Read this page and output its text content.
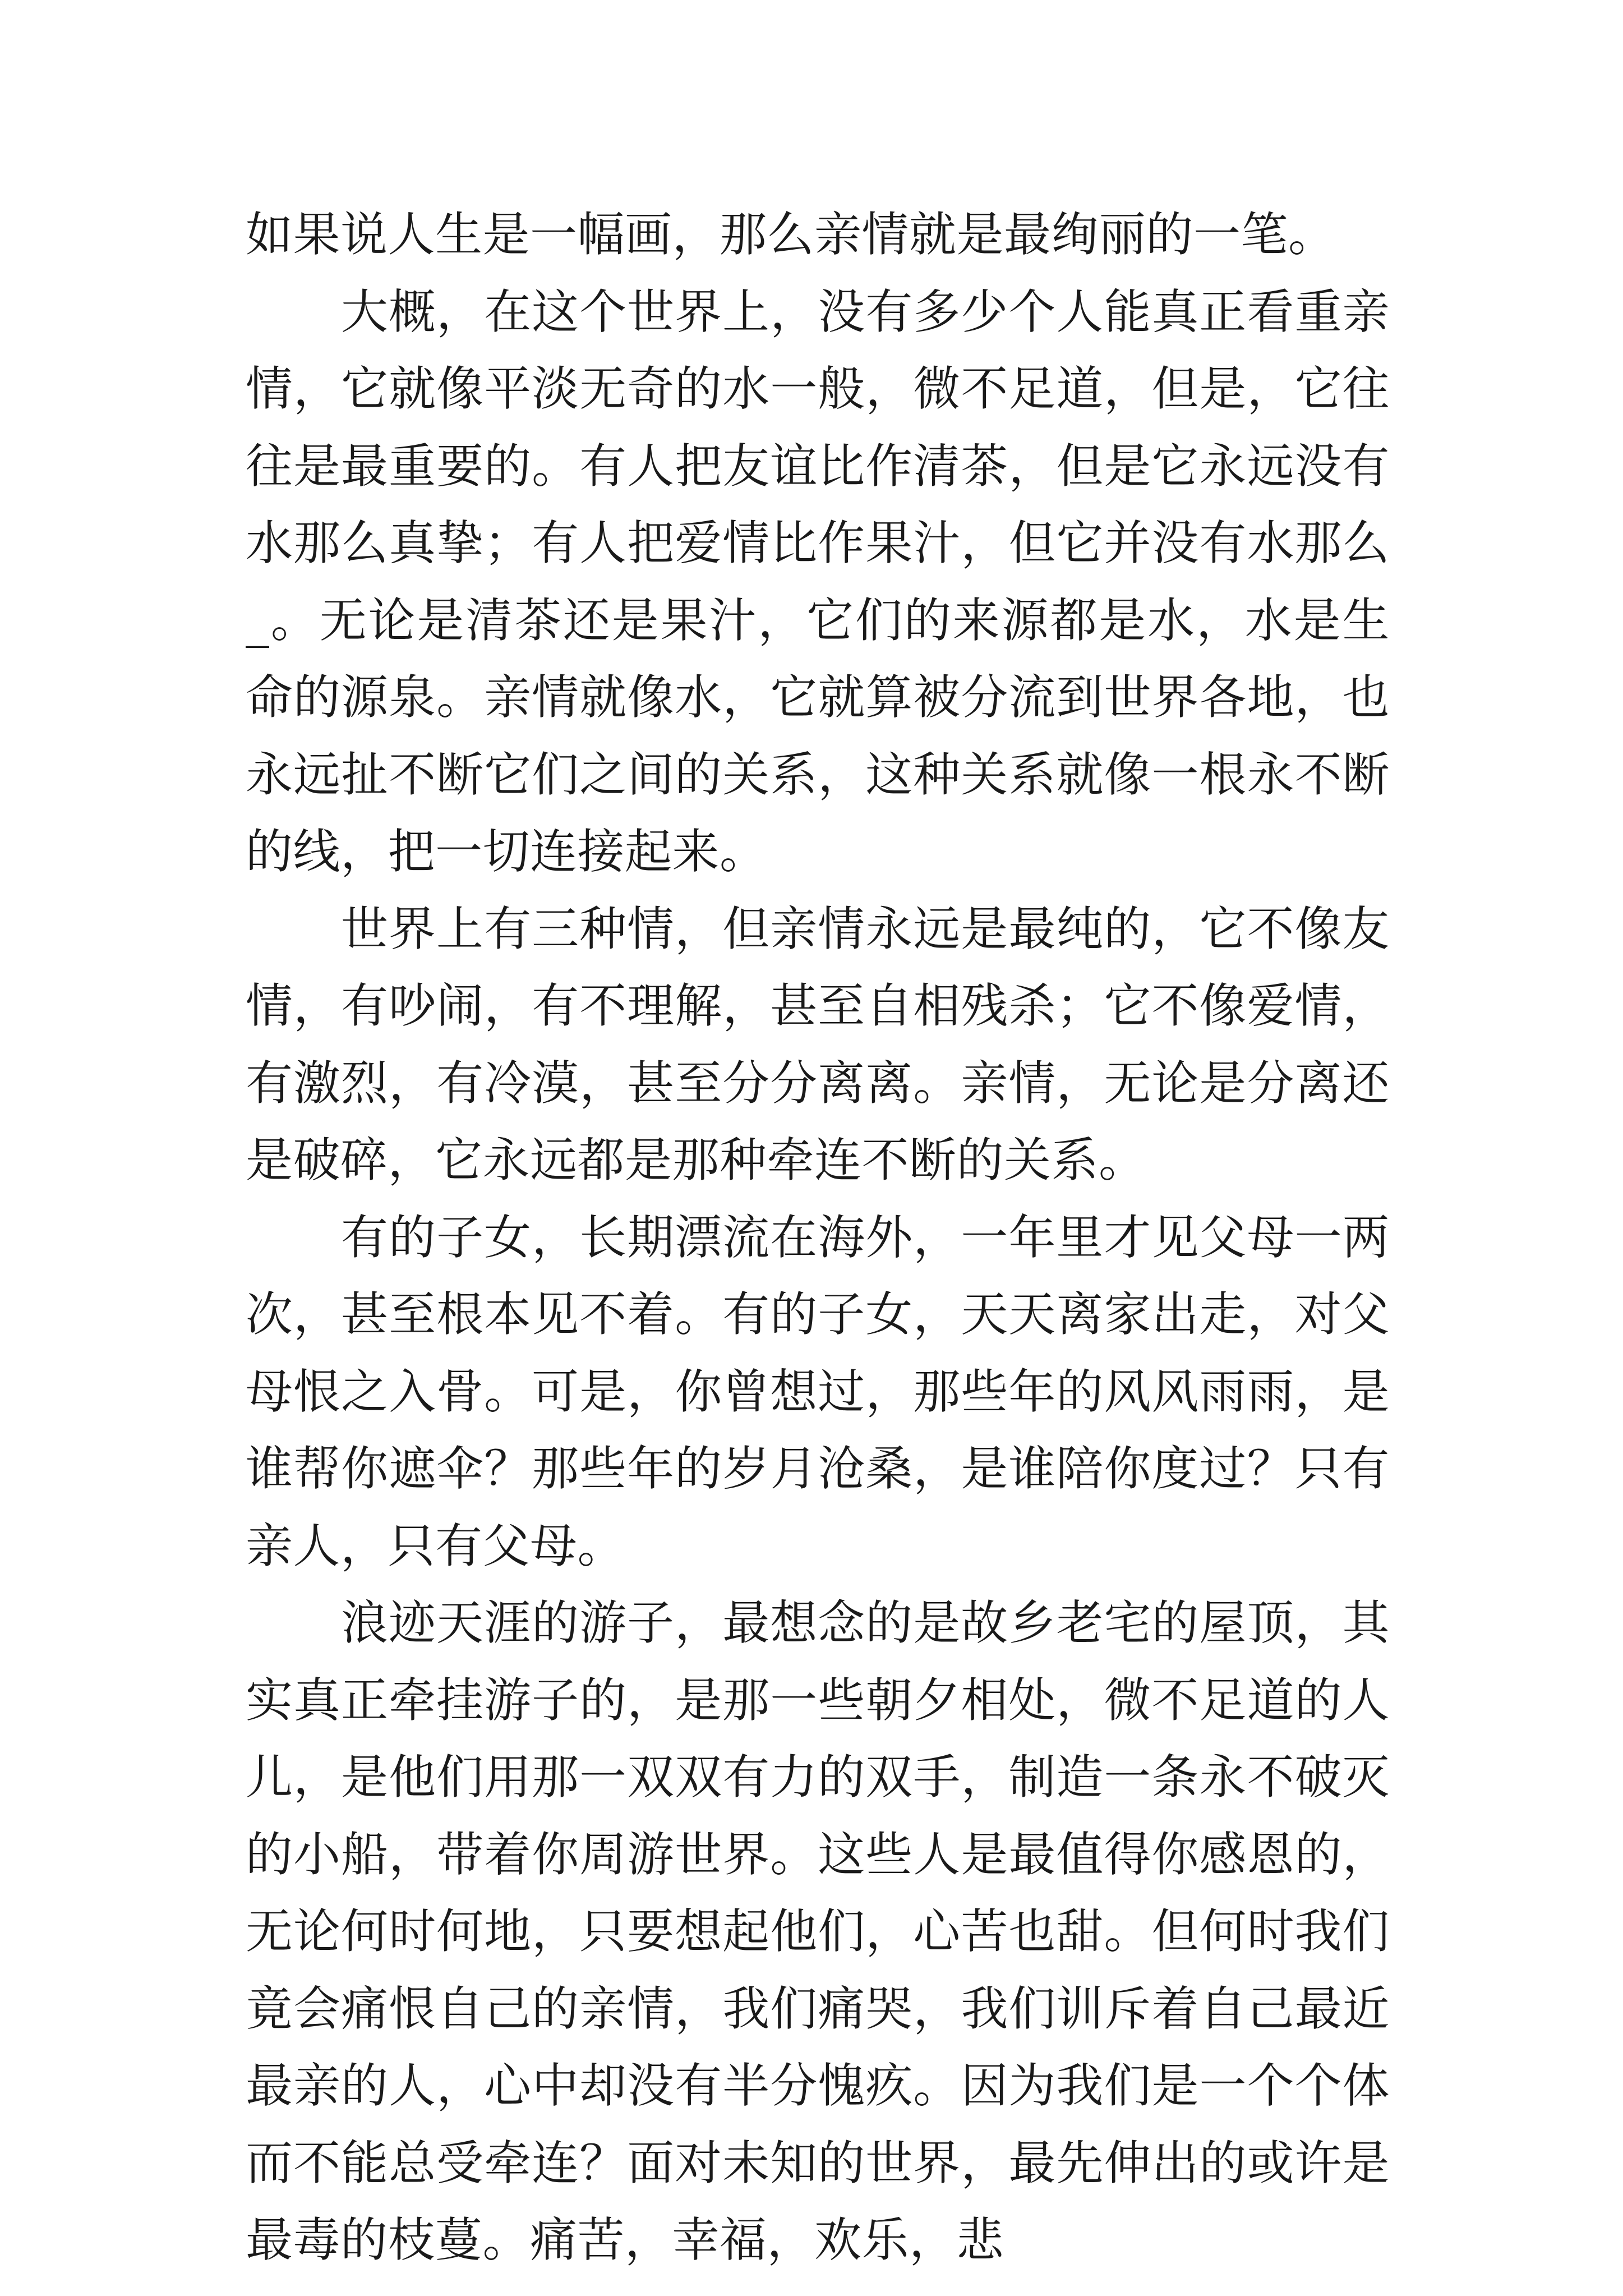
如果说人生是一幅画，那么亲情就是最绚丽的一笔。

大概，在这个世界上，没有多少个人能真正看重亲情，它就像平淡无奇的水一般，微不足道，但是，它往往是最重要的。有人把友谊比作清茶，但是它永远没有水那么真挚；有人把爱情比作果汁，但它并没有水那么_。无论是清茶还是果汁，它们的来源都是水，水是生命的源泉。亲情就像水，它就算被分流到世界各地，也永远扯不断它们之间的关系，这种关系就像一根永不断的线，把一切连接起来。

世界上有三种情，但亲情永远是最纯的，它不像友情，有吵闹，有不理解，甚至自相残杀；它不像爱情，有激烈，有冷漠，甚至分分离离。亲情，无论是分离还是破碎，它永远都是那种牵连不断的关系。

有的子女，长期漂流在海外，一年里才见父母一两次，甚至根本见不着。有的子女，天天离家出走，对父母恨之入骨。可是，你曾想过，那些年的风风雨雨，是谁帮你遮伞？那些年的岁月沧桑，是谁陪你度过？只有亲人，只有父母。

浪迹天涯的游子，最想念的是故乡老宅的屋顶，其实真正牵挂游子的，是那一些朝夕相处，微不足道的人儿，是他们用那一双双有力的双手，制造一条永不破灭的小船，带着你周游世界。这些人是最值得你感恩的，无论何时何地，只要想起他们，心苦也甜。但何时我们竟会痛恨自己的亲情，我们痛哭，我们训斥着自己最近最亲的人，心中却没有半分愧疚。因为我们是一个个体而不能总受牵连？面对未知的世界，最先伸出的或许是最毒的枝蔓。痛苦，幸福，欢乐，悲
